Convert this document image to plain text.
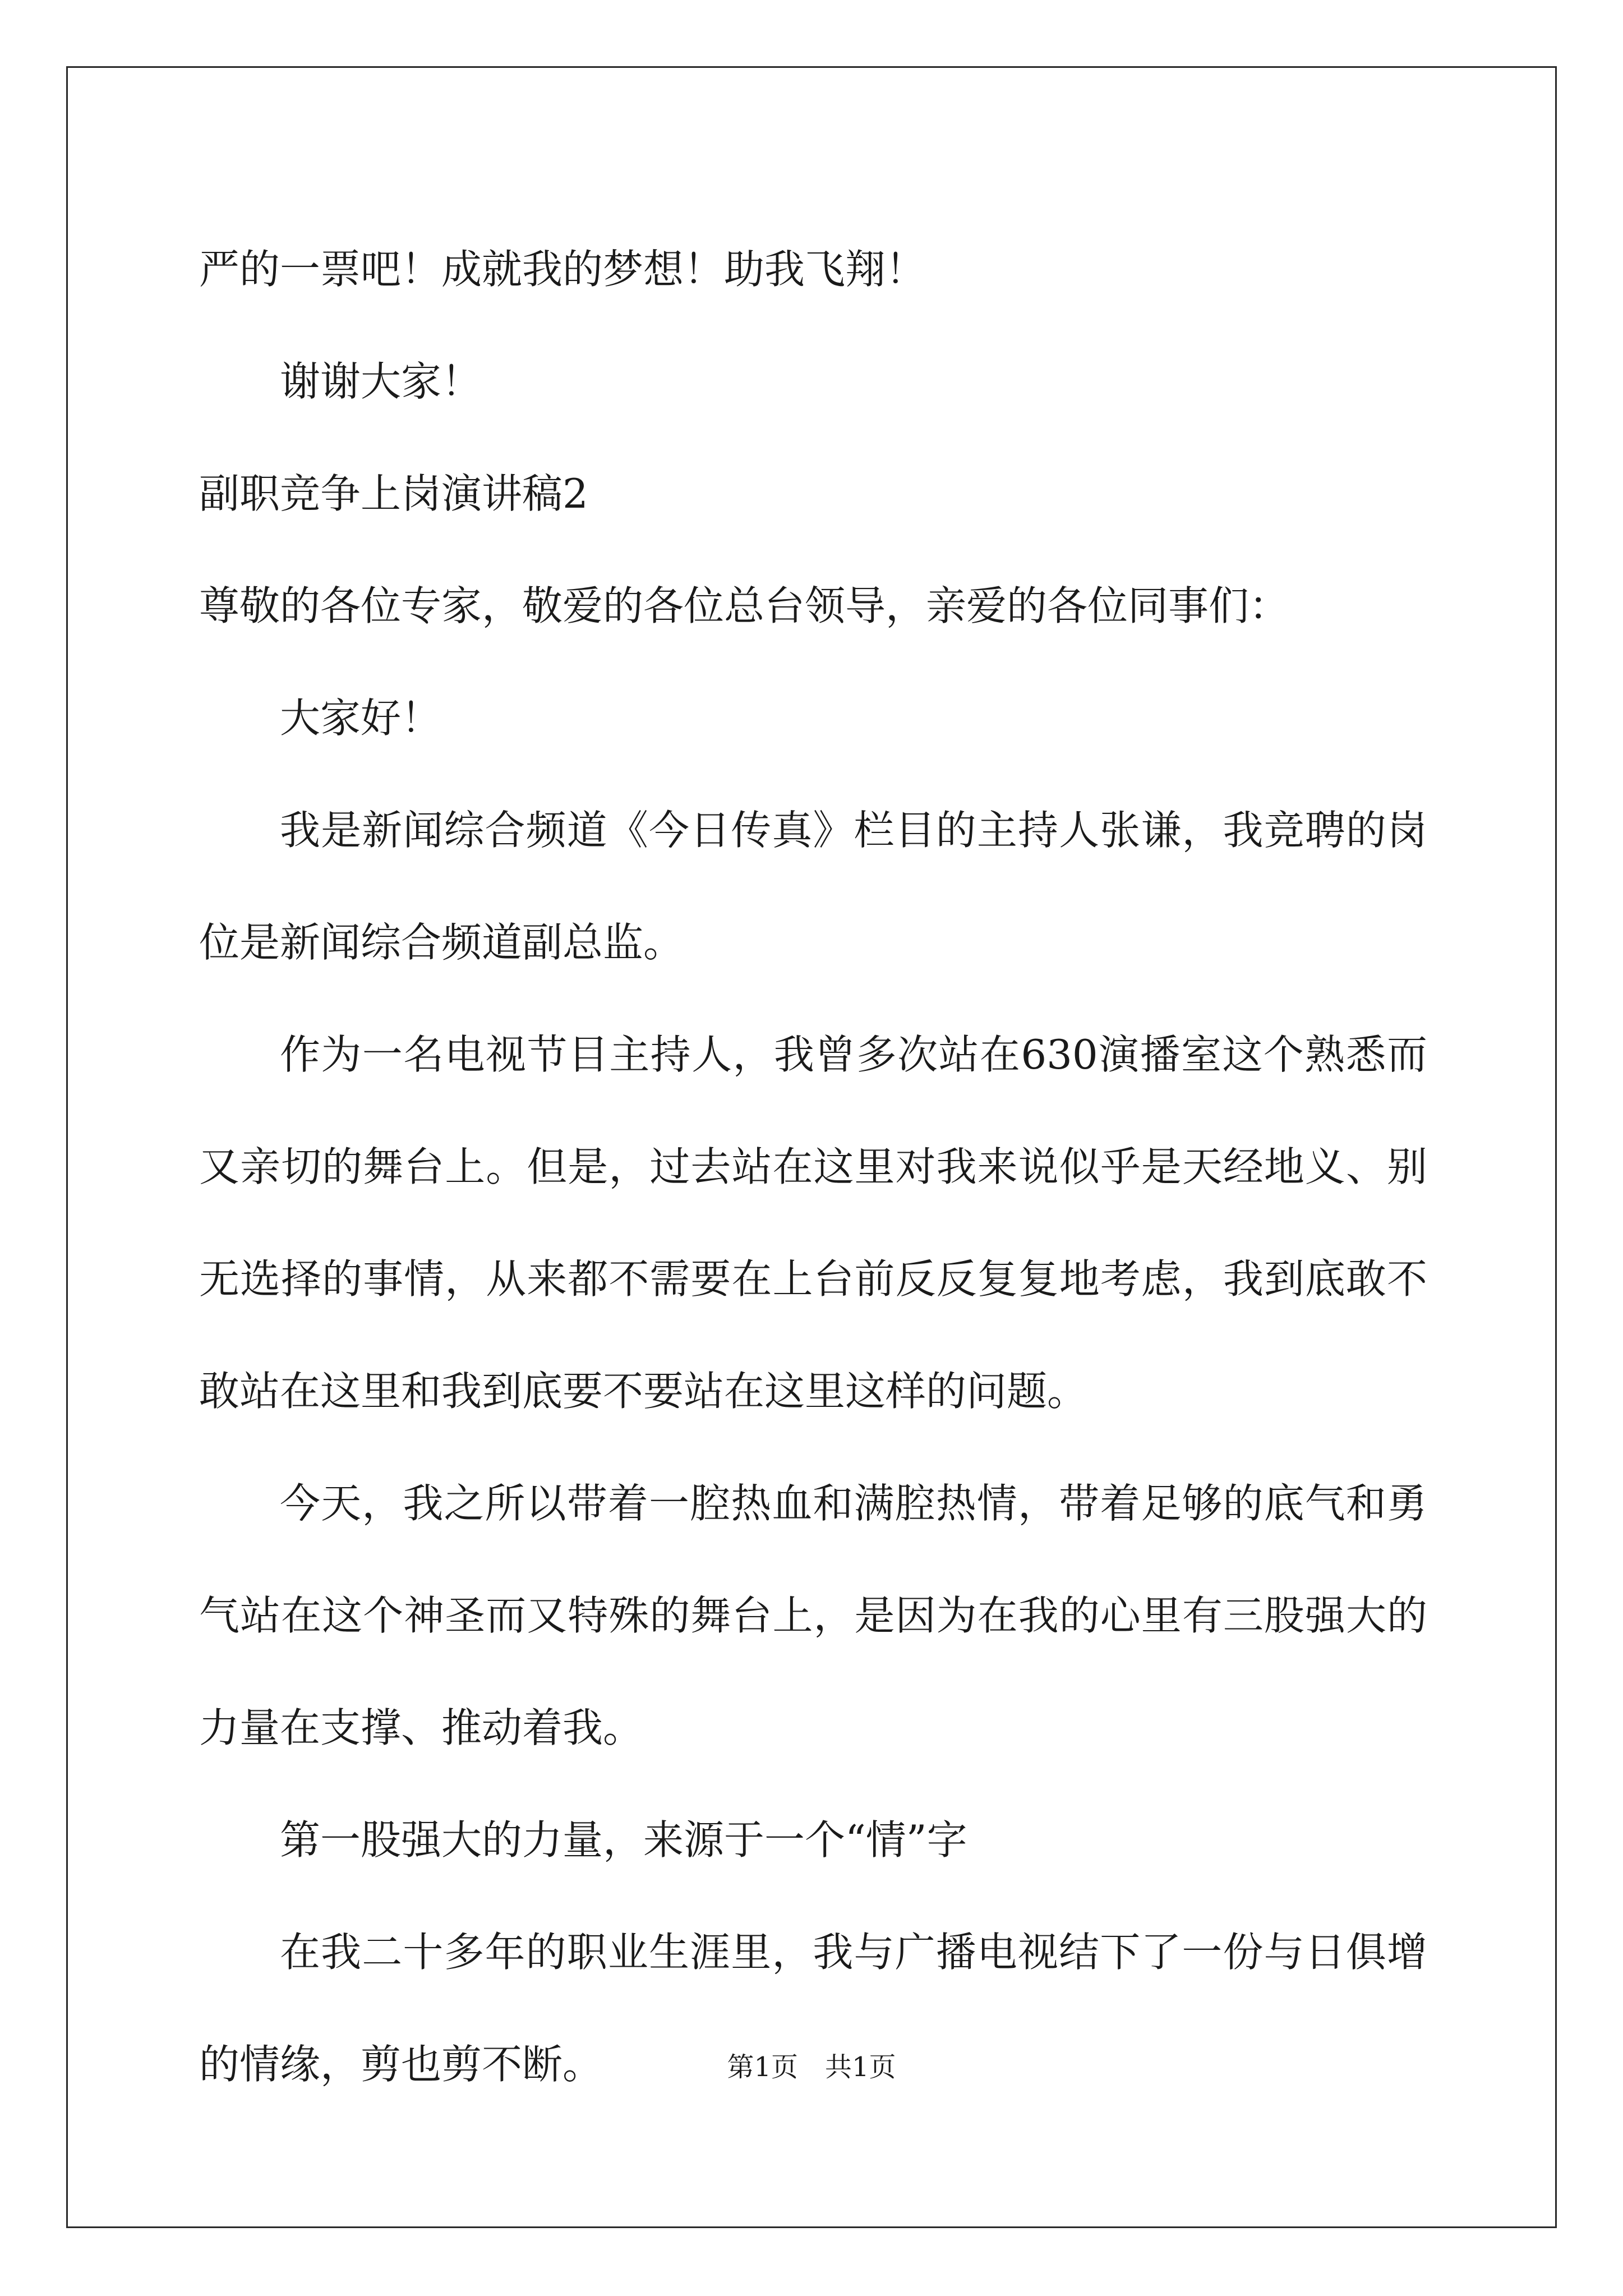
严的一票吧！成就我的梦想！助我飞翔！

谢谢大家！

副职竞争上岗演讲稿2

尊敬的各位专家，敬爱的各位总台领导，亲爱的各位同事们：

大家好！

我是新闻综合频道《今日传真》栏目的主持人张谦，我竞聘的岗位是新闻综合频道副总监。

作为一名电视节目主持人，我曾多次站在630演播室这个熟悉而又亲切的舞台上。但是，过去站在这里对我来说似乎是天经地义、别无选择的事情，从来都不需要在上台前反反复复地考虑，我到底敢不敢站在这里和我到底要不要站在这里这样的问题。

今天，我之所以带着一腔热血和满腔热情，带着足够的底气和勇气站在这个神圣而又特殊的舞台上，是因为在我的心里有三股强大的力量在支撑、推动着我。

第一股强大的力量，来源于一个“情”字

在我二十多年的职业生涯里，我与广播电视结下了一份与日俱增的情缘，剪也剪不断。	第1页　共1页
